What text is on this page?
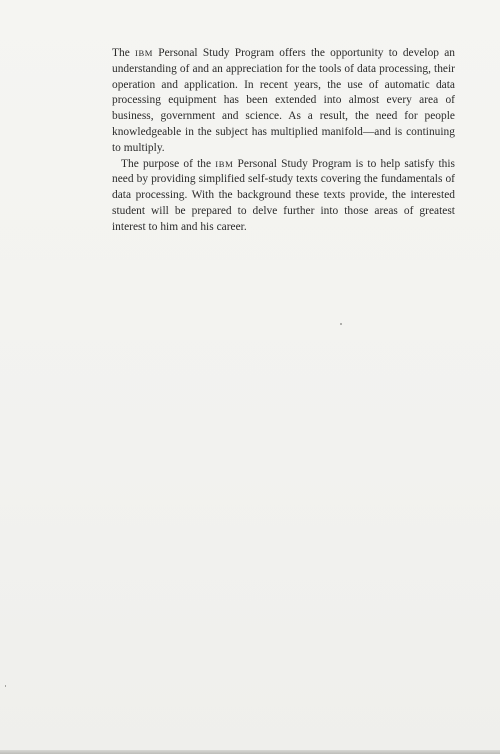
The IBM Personal Study Program offers the opportunity to develop an understanding of and an appreciation for the tools of data processing, their operation and application. In recent years, the use of automatic data processing equipment has been extended into almost every area of business, government and science. As a result, the need for people knowledgeable in the subject has multiplied manifold—and is continuing to multiply.

The purpose of the IBM Personal Study Program is to help satisfy this need by providing simplified self-study texts covering the fundamentals of data processing. With the background these texts provide, the interested student will be prepared to delve further into those areas of greatest interest to him and his career.
